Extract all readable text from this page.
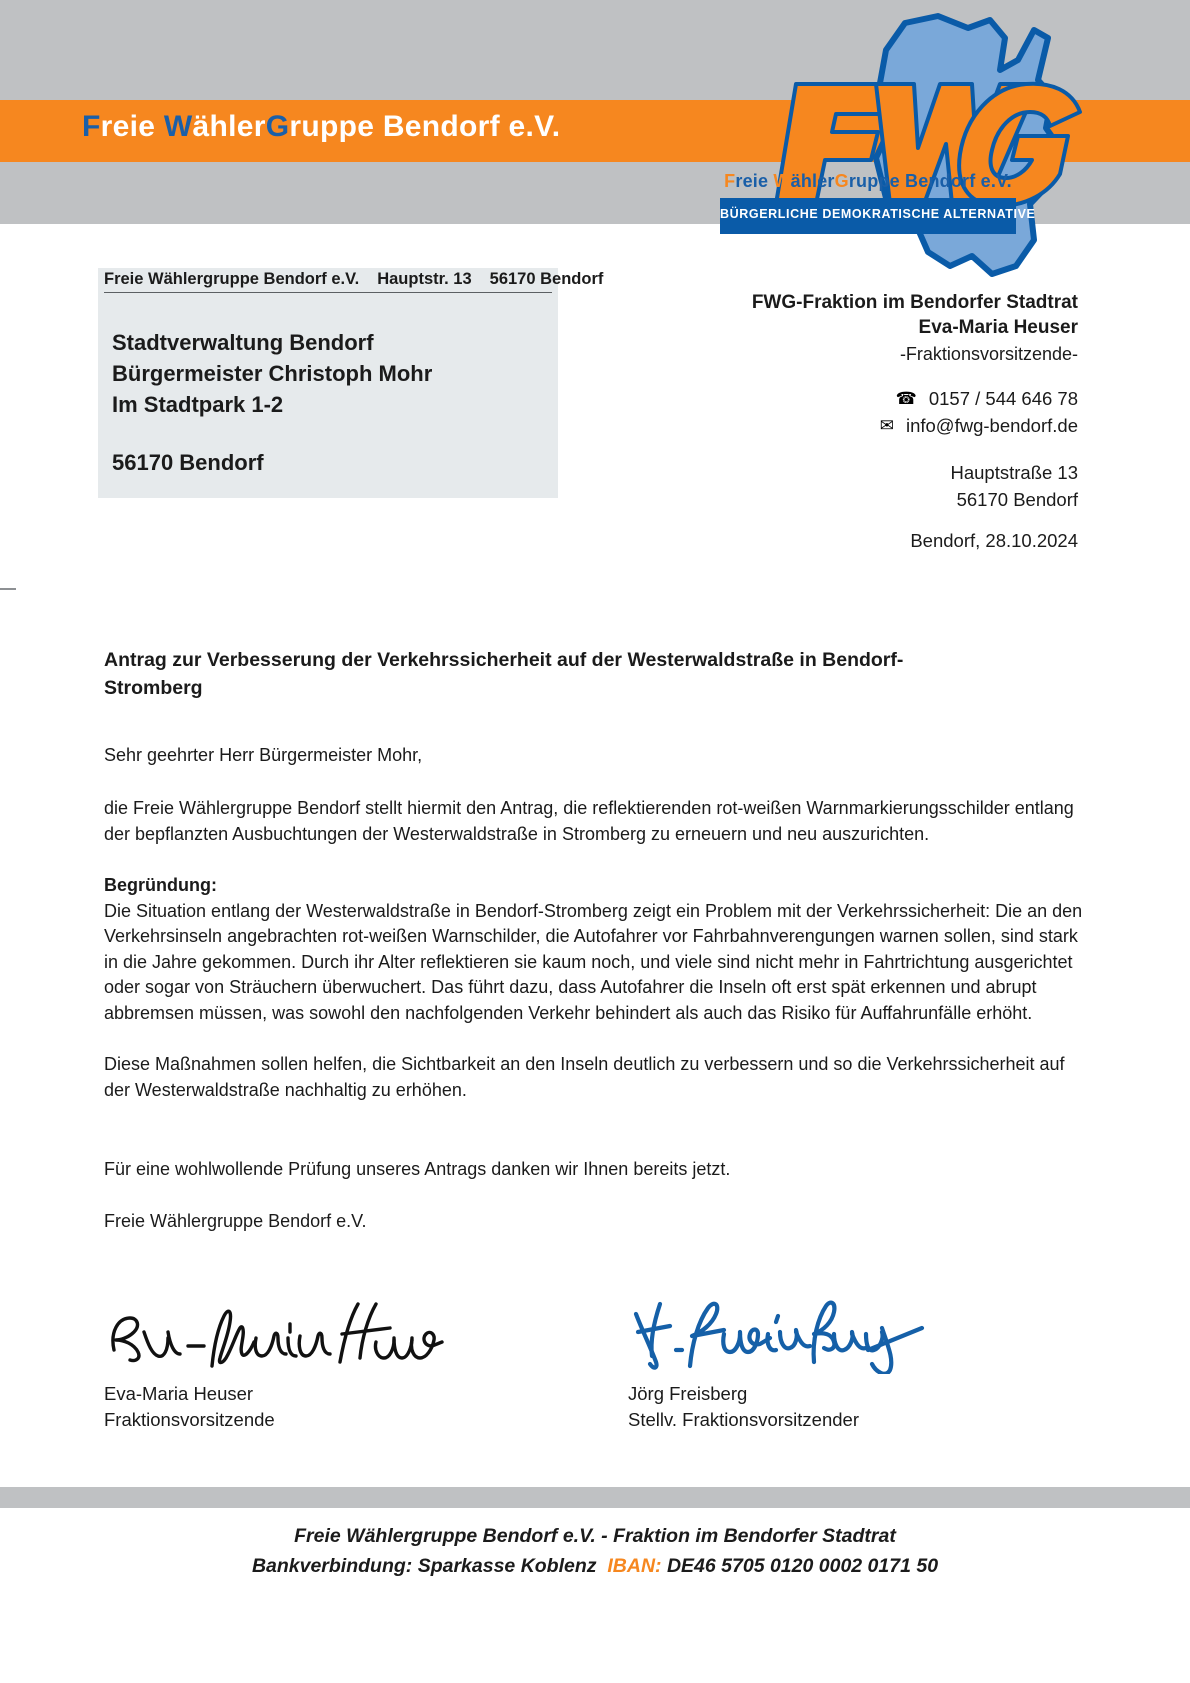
Freie WählerGruppe Bendorf e.V.
Freie WählerGruppe Bendorf e.V.
BÜRGERLICHE DEMOKRATISCHE ALTERNATIVE
Freie Wählergruppe Bendorf e.V. Hauptstr. 13 56170 Bendorf
Stadtverwaltung Bendorf
Bürgermeister Christoph Mohr
Im Stadtpark 1-2
56170 Bendorf
FWG-Fraktion im Bendorfer Stadtrat
Eva-Maria Heuser
-Fraktionsvorsitzende-
☎ 0157 / 544 646 78
✉ info@fwg-bendorf.de
Hauptstraße 13
56170 Bendorf
Bendorf, 28.10.2024
Antrag zur Verbesserung der Verkehrssicherheit auf der Westerwaldstraße in Bendorf-Stromberg
Sehr geehrter Herr Bürgermeister Mohr,
die Freie Wählergruppe Bendorf stellt hiermit den Antrag, die reflektierenden rot-weißen Warnmarkierungsschilder entlang der bepflanzten Ausbuchtungen der Westerwaldstraße in Stromberg zu erneuern und neu auszurichten.
Begründung:
Die Situation entlang der Westerwaldstraße in Bendorf-Stromberg zeigt ein Problem mit der Verkehrssicherheit: Die an den Verkehrsinseln angebrachten rot-weißen Warnschilder, die Autofahrer vor Fahrbahnverengungen warnen sollen, sind stark in die Jahre gekommen. Durch ihr Alter reflektieren sie kaum noch, und viele sind nicht mehr in Fahrtrichtung ausgerichtet oder sogar von Sträuchern überwuchert. Das führt dazu, dass Autofahrer die Inseln oft erst spät erkennen und abrupt abbremsen müssen, was sowohl den nachfolgenden Verkehr behindert als auch das Risiko für Auffahrunfälle erhöht.
Diese Maßnahmen sollen helfen, die Sichtbarkeit an den Inseln deutlich zu verbessern und so die Verkehrssicherheit auf der Westerwaldstraße nachhaltig zu erhöhen.
Für eine wohlwollende Prüfung unseres Antrags danken wir Ihnen bereits jetzt.
Freie Wählergruppe Bendorf e.V.
Eva-Maria Heuser
Fraktionsvorsitzende
Jörg Freisberg
Stellv. Fraktionsvorsitzender
Freie Wählergruppe Bendorf e.V. - Fraktion im Bendorfer Stadtrat
Bankverbindung: Sparkasse Koblenz IBAN: DE46 5705 0120 0002 0171 50
